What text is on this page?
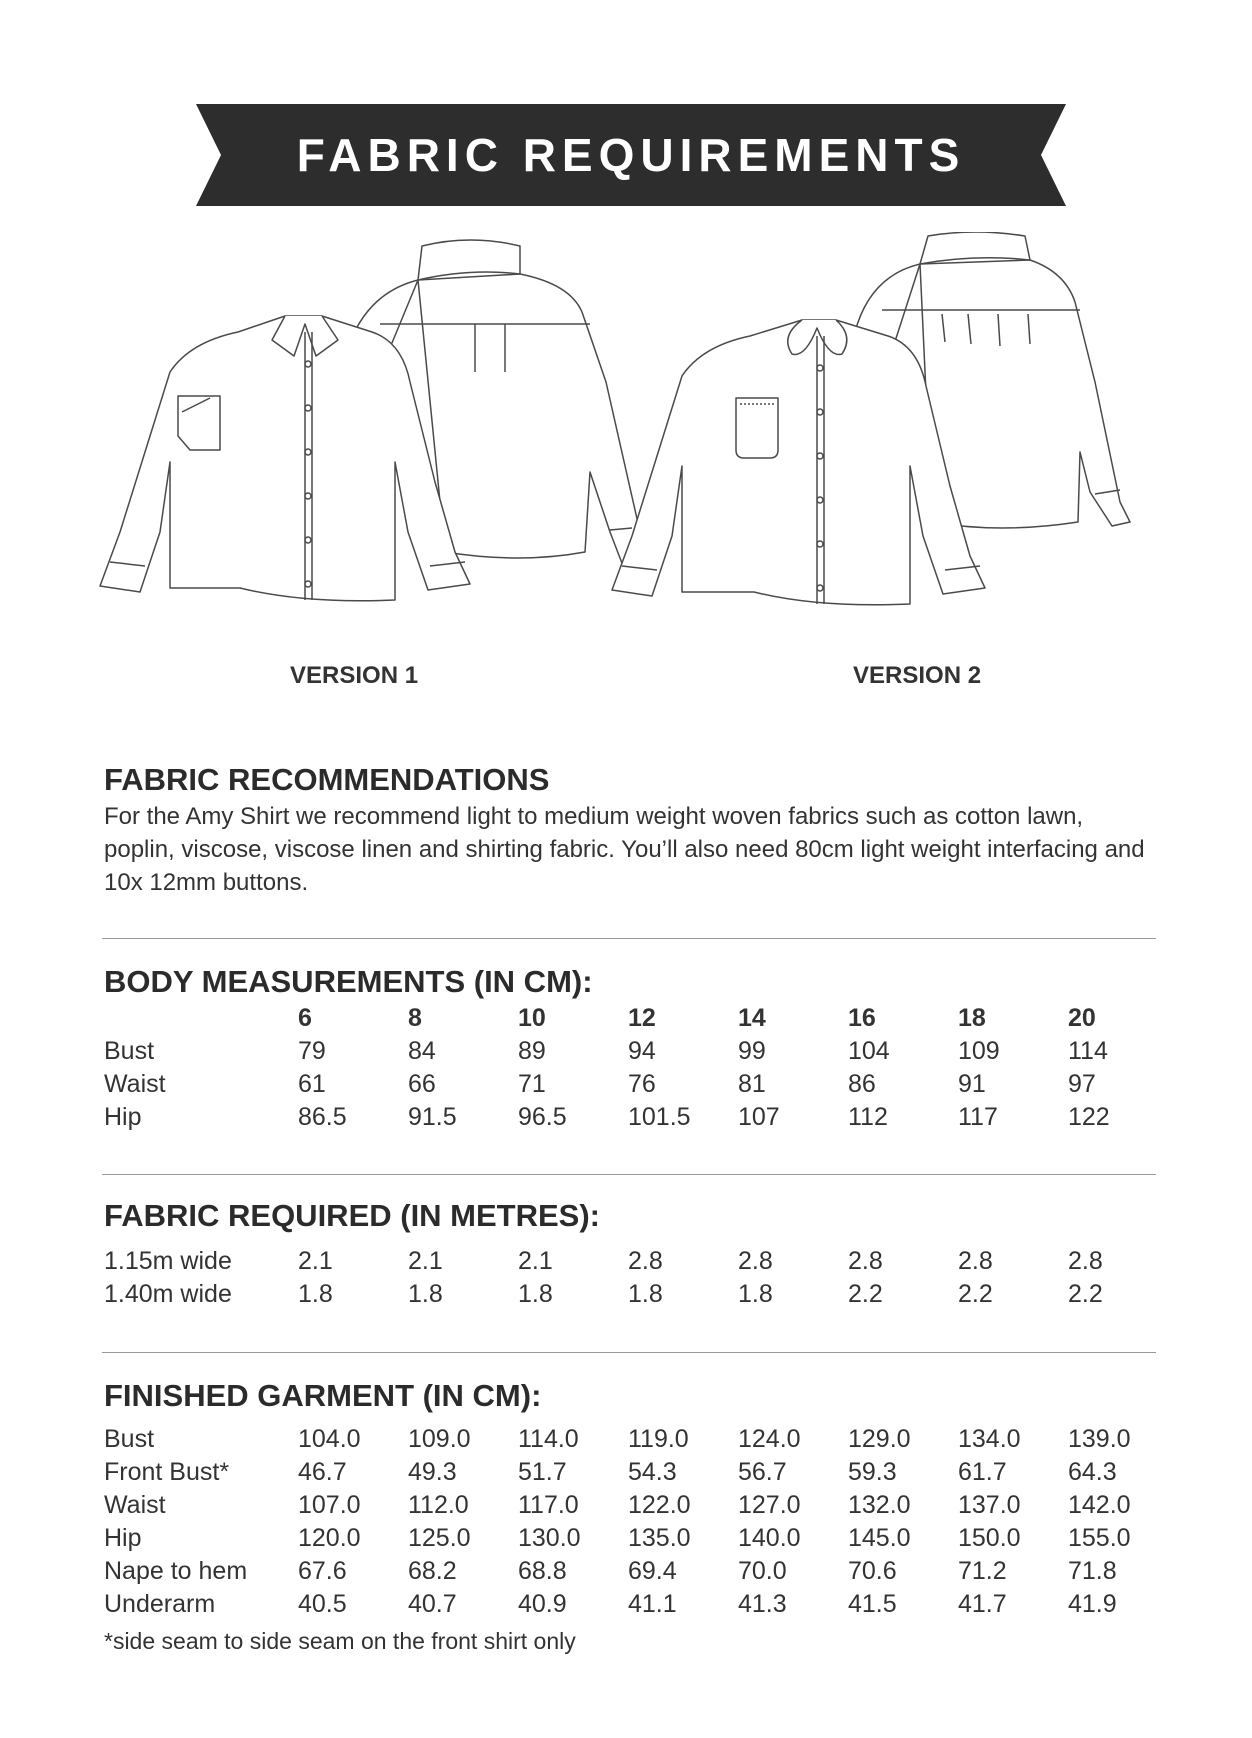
FABRIC REQUIREMENTS
VERSION 1	VERSION 2
FABRIC RECOMMENDATIONS
For the Amy Shirt we recommend light to medium weight woven fabrics such as cotton lawn,
poplin, viscose, viscose linen and shirting fabric. You’ll also need 80cm light weight interfacing and
10x 12mm buttons.
BODY MEASUREMENTS (IN CM):
	6	8	10	12	14	16	18	20
Bust	79	84	89	94	99	104	109	114
Waist	61	66	71	76	81	86	91	97
Hip	86.5	91.5	96.5	101.5	107	112	117	122
FABRIC REQUIRED (IN METRES):
1.15m wide	2.1	2.1	2.1	2.8	2.8	2.8	2.8	2.8
1.40m wide	1.8	1.8	1.8	1.8	1.8	2.2	2.2	2.2
FINISHED GARMENT (IN CM):
Bust	104.0	109.0	114.0	119.0	124.0	129.0	134.0	139.0
Front Bust*	46.7	49.3	51.7	54.3	56.7	59.3	61.7	64.3
Waist	107.0	112.0	117.0	122.0	127.0	132.0	137.0	142.0
Hip	120.0	125.0	130.0	135.0	140.0	145.0	150.0	155.0
Nape to hem	67.6	68.2	68.8	69.4	70.0	70.6	71.2	71.8
Underarm	40.5	40.7	40.9	41.1	41.3	41.5	41.7	41.9
*side seam to side seam on the front shirt only
